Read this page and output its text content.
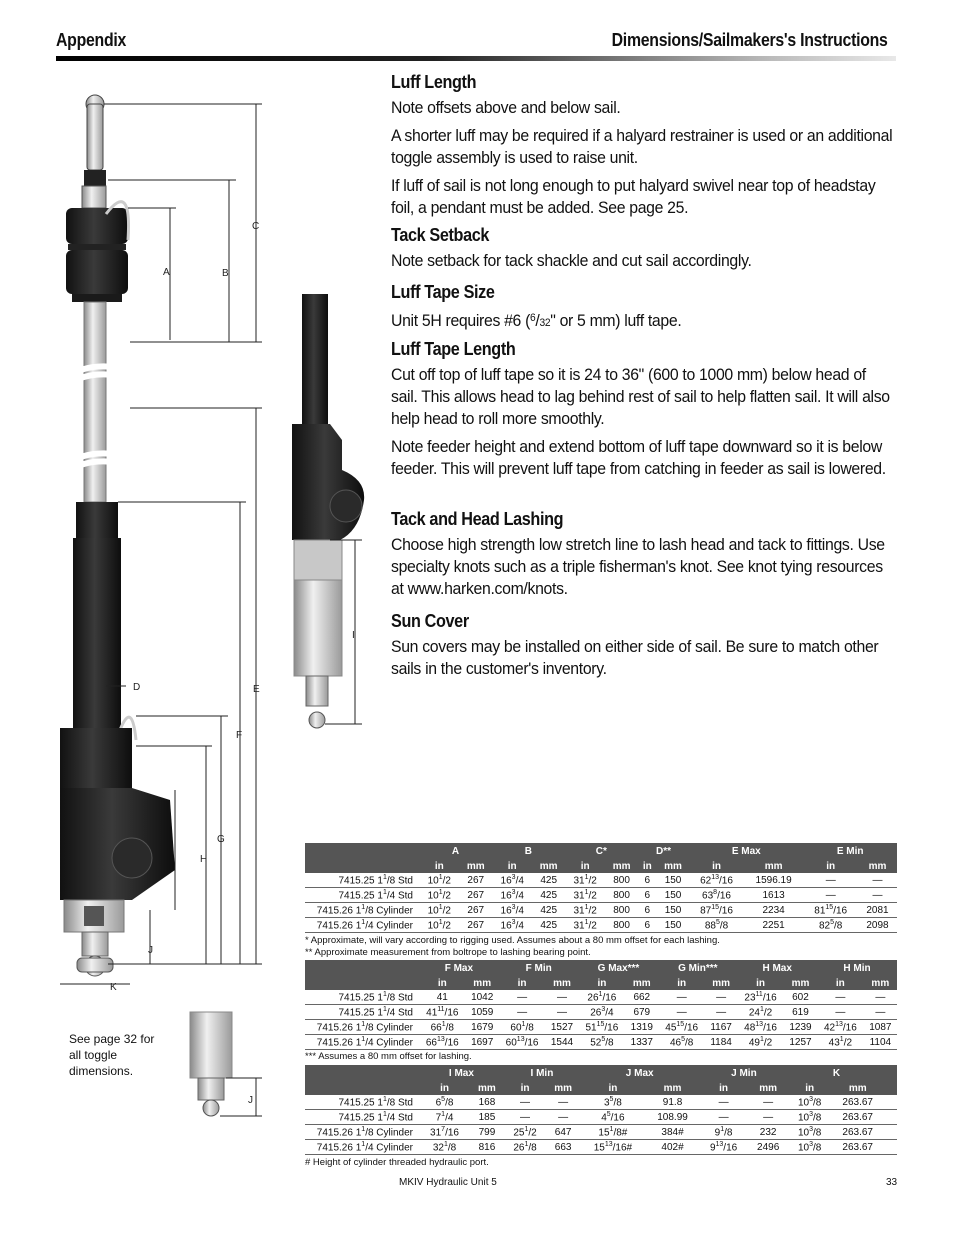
Appendix	Dimensions/Sailmakers's Instructions
A	B
C
D	E
F
G
H
I
J
K
J
Luff Length

Note offsets above and below sail.

A shorter luff may be required if a halyard restrainer is used or an additional toggle assembly is used to raise unit.

If luff of sail is not long enough to put halyard swivel near top of headstay foil, a pendant must be added. See page 25.

Tack Setback

Note setback for tack shackle and cut sail accordingly.

Luff Tape Size

Unit 5H requires #6 ($^6$/32" or 5 mm) luff tape.

Luff Tape Length

Cut off top of luff tape so it is 24 to 36" (600 to 1000 mm) below head of sail. This allows head to lag behind rest of sail to help flatten sail. It will also help head to roll more smoothly.

Note feeder height and extend bottom of luff tape downward so it is below feeder. This will prevent luff tape from catching in feeder as sail is lowered.

Tack and Head Lashing

Choose high strength low stretch line to lash head and tack to fittings. Use specialty knots such as a triple fisherman's knot. See knot tying resources at www.harken.com/knots.

Sun Cover

Sun covers may be installed on either side of sail. Be sure to match other sails in the customer's inventory.

See page 32 for all toggle dimensions.
	A		B		C*		D**		E Max		E Min	
	in	mm	in	mm	in	mm	in	mm	in	mm	in	mm
7415.25 $1^1/8$ Std	$10^1/2$	267	$16^3/4$	425	$31^1/2$	800	6	150	$62^{13}/16$	1596.19	—	—
7415.25 $1^1/4$ Std	$10^1/2$	267	$16^3/4$	425	$31^1/2$	800	6	150	$63^8/16$	1613	—	—
7415.26 $1^1/8$ Cylinder	$10^1/2$	267	$16^3/4$	425	$31^1/2$	800	6	150	$87^{15}/16$	2234	$81^{15}/16$	2081
7415.26 $1^1/4$ Cylinder	$10^1/2$	267	$16^3/4$	425	$31^1/2$	800	6	150	$88^5/8$	2251	$82^5/8$	2098
* Approximate, will vary according to rigging used. Assumes about a 80 mm offset for each lashing.
** Approximate measurement from boltrope to lashing bearing point.
	F Max		F Min		G Max***		G Min***		H Max		H Min	
	in	mm	in	mm	in	mm	in	mm	in	mm	in	mm
7415.25 $1^1/8$ Std	41	1042	—	—	$26^1/16$	662	—	—	$23^{11}/16$	602	—	—
7415.25 $1^1/4$ Std	$41^{11}/16$	1059	—	—	$26^3/4$	679	—	—	$24^1/2$	619	—	—
7415.26 $1^1/8$ Cylinder	$66^1/8$	1679	$60^1/8$	1527	$51^{15}/16$	1319	$45^{15}/16$	1167	$48^{13}/16$	1239	$42^{13}/16$	1087
7415.26 $1^1/4$ Cylinder	$66^{13}/16$	1697	$60^{13}/16$	1544	$52^5/8$	1337	$46^5/8$	1184	$49^1/2$	1257	$43^1/2$	1104
*** Assumes a 80 mm offset for lashing.
	I Max		I Min		J Max		J Min		K			
	in	mm	in	mm	in	mm	in	mm	in	mm		
7415.25 $1^1/8$ Std	$6^5/8$	168	—	—	$3^5/8$	91.8	—	—	$10^3/8$	263.67		
7415.25 $1^1/4$ Std	$7^1/4$	185	—	—	$4^5/16$	108.99	—	—	$10^3/8$	263.67		
7415.26 $1^1/8$ Cylinder	$31^7/16$	799	$25^1/2$	647	$15^1/8\#$	384#	$9^1/8$	232	$10^3/8$	263.67		
7415.26 $1^1/4$ Cylinder	$32^1/8$	816	$26^1/8$	663	$15^{13}/16\#$	402#	$9^{13}/16$	2496	$10^3/8$	263.67		
# Height of cylinder threaded hydraulic port.
MKIV Hydraulic Unit 5	33
